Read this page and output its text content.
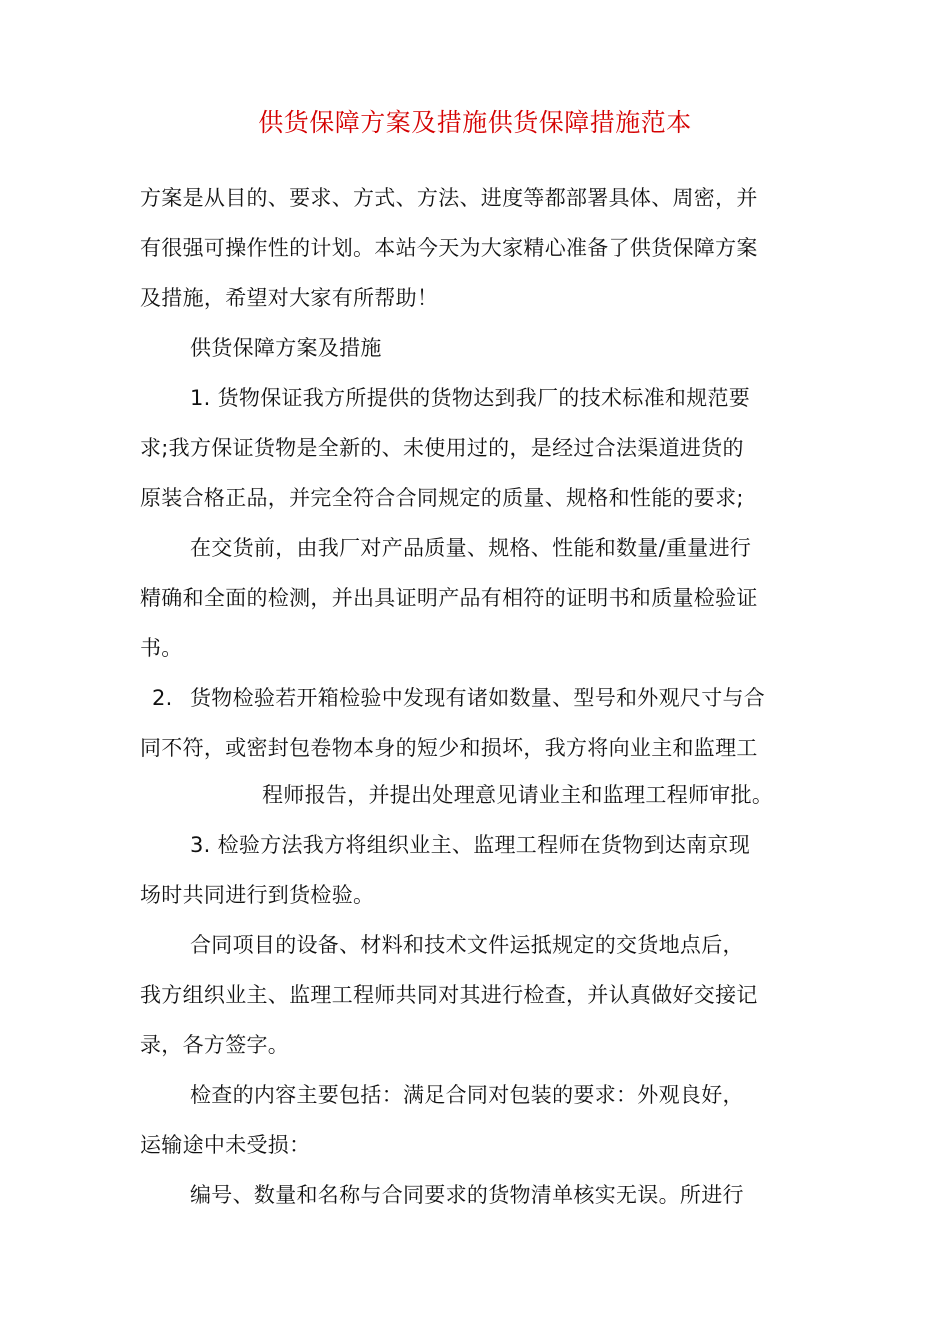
供货保障方案及措施供货保障措施范本
方案是从目的、要求、方式、方法、进度等都部署具体、周密，并
有很强可操作性的计划。本站今天为大家精心准备了供货保障方案
及措施，希望对大家有所帮助！
供货保障方案及措施
1. 货物保证我方所提供的货物达到我厂的技术标准和规范要
求;我方保证货物是全新的、未使用过的，是经过合法渠道进货的
原装合格正品，并完全符合合同规定的质量、规格和性能的要求;
在交货前，由我厂对产品质量、规格、性能和数量/重量进行
精确和全面的检测，并出具证明产品有相符的证明书和质量检验证
书。
2. 货物检验若开箱检验中发现有诸如数量、型号和外观尺寸与合
同不符，或密封包卷物本身的短少和损坏，我方将向业主和监理工
程师报告，并提出处理意见请业主和监理工程师审批。
3. 检验方法我方将组织业主、监理工程师在货物到达南京现
场时共同进行到货检验。
合同项目的设备、材料和技术文件运抵规定的交货地点后，
我方组织业主、监理工程师共同对其进行检查，并认真做好交接记
录，各方签字。
检查的内容主要包括：满足合同对包装的要求：外观良好，
运输途中未受损：
编号、数量和名称与合同要求的货物清单核实无误。所进行
